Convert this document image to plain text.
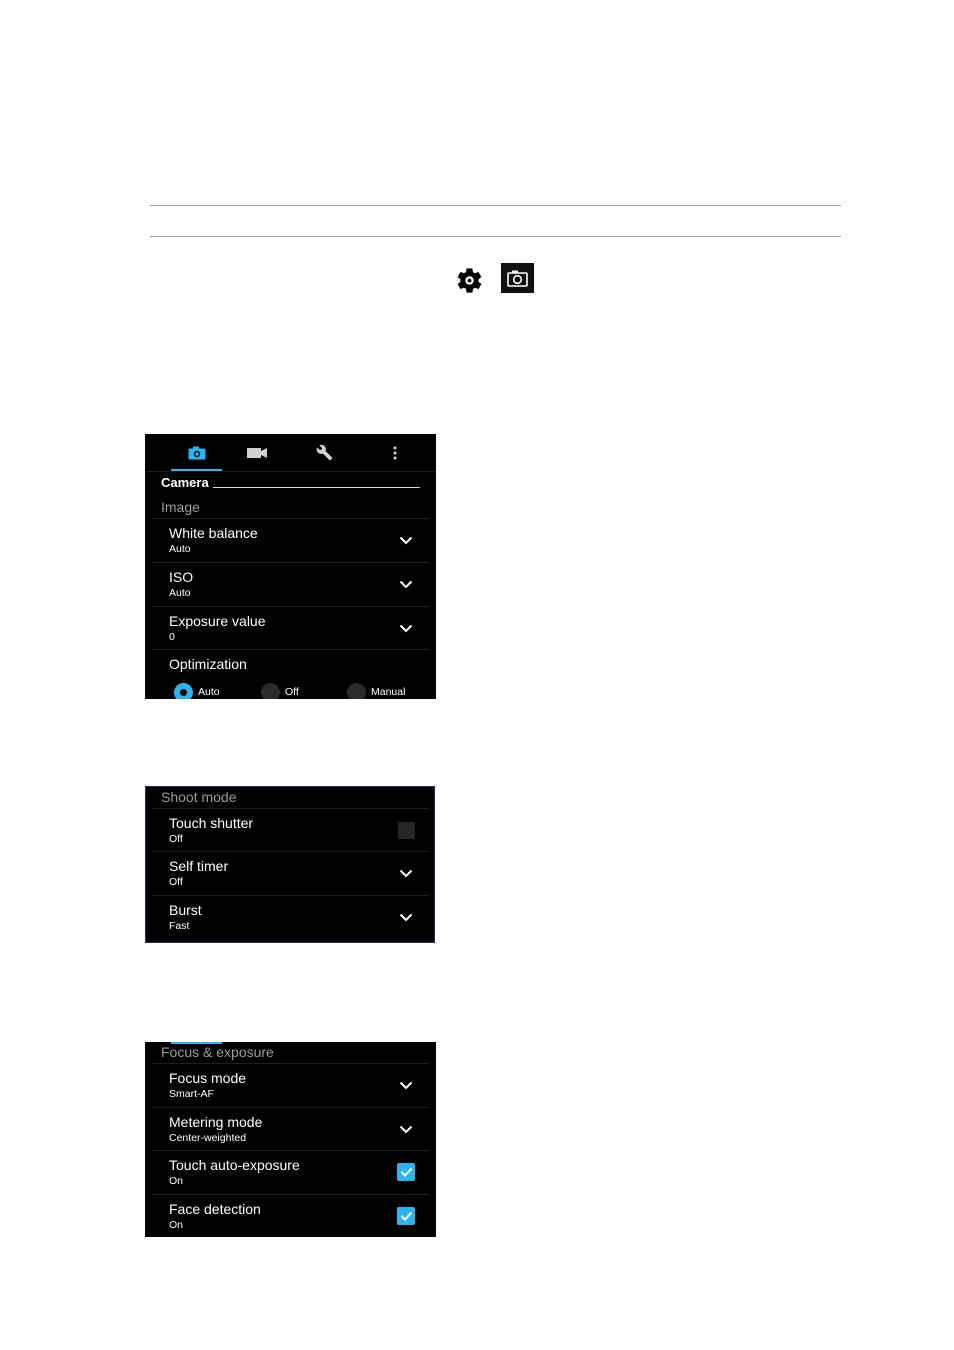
Camera
Image
White balance
Auto
ISO
Auto
Exposure value
0
Optimization
Auto	Off	Manual
Shoot mode
Touch shutter
Off
Self timer
Off
Burst
Fast
Focus & exposure
Focus mode
Smart-AF
Metering mode
Center-weighted
Touch auto-exposure
On
Face detection
On
